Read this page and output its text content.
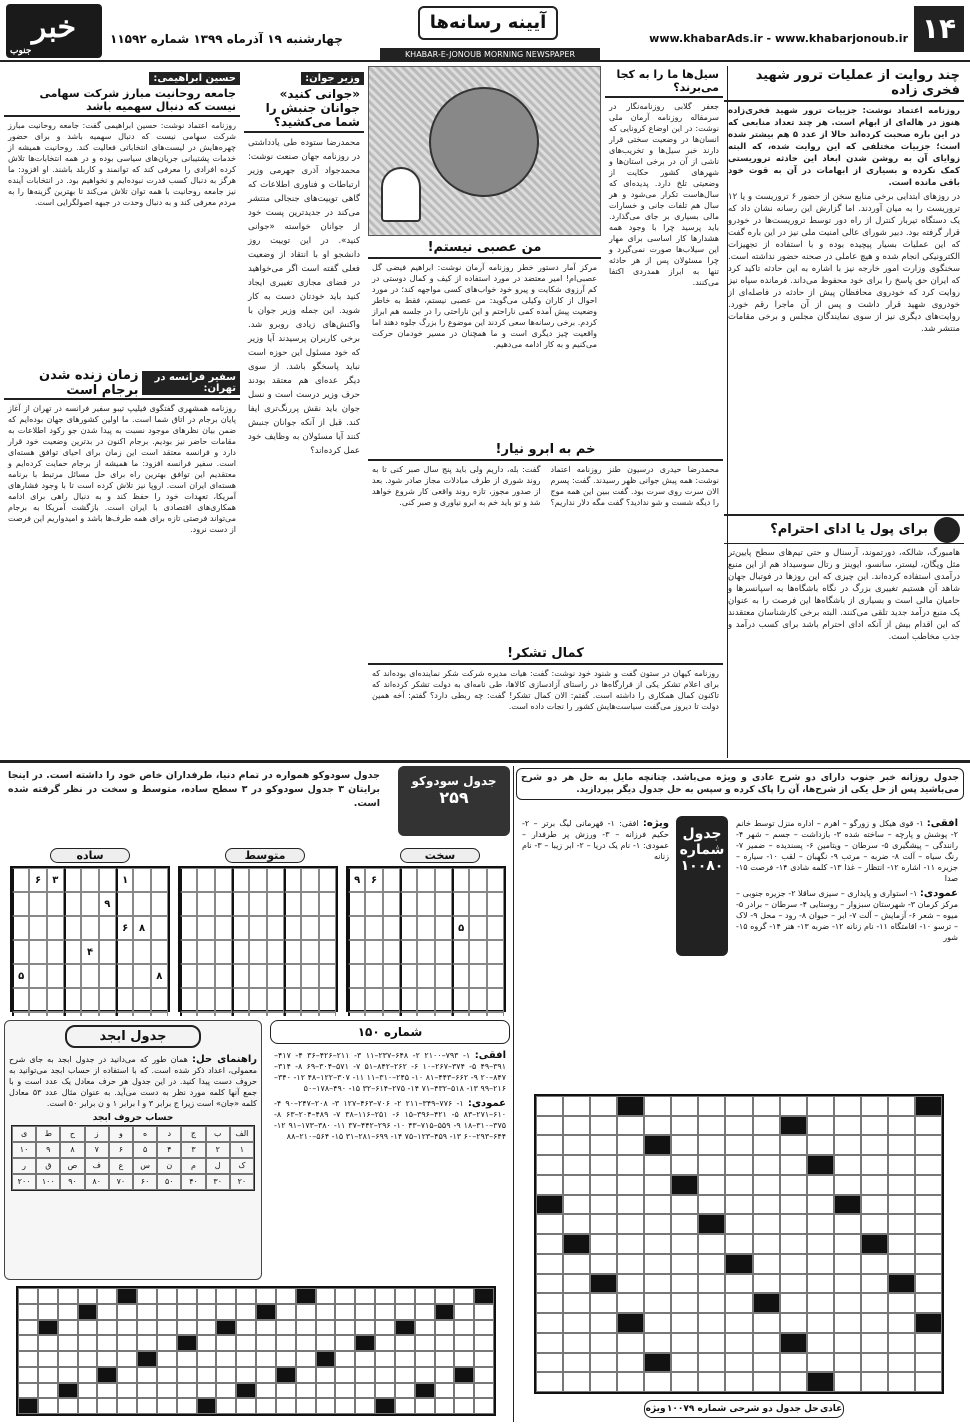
۱۴
www.khabarAds.ir - www.khabarjonoub.ir
آیینه رسانه‌ها
چهارشنبه ۱۹ آذرماه ۱۳۹۹ شماره ۱۱۵۹۲
خبر
جنوب	KHABAR-E-JONOUB MORNING NEWSPAPER
چند روایت از عملیات ترور شهید فخری زاده

روزنامه اعتماد نوشت: جزییات ترور شهید فخری‌زاده هنوز در هاله‌ای از ابهام است. هر چند تعداد منابعی که در این باره صحبت کرده‌اند حالا از عدد ۵ هم بیشتر شده است؛ جزییات مختلفی که این روایت شده، که البته زوایای آن به روشن شدن ابعاد این حادثه تروریستی کمک نکرده و بسیاری از ابهامات در آن به قوت خود باقی مانده است.

در روزهای ابتدایی برخی منابع سخن از حضور ۶ تروریست و یا ۱۲ تروریست را به میان آوردند. اما گزارش این رسانه نشان داد که یک دستگاه تیربار کنترل از راه دور توسط تروریست‌ها در خودرو قرار گرفته بود. دبیر شورای عالی امنیت ملی نیز در این باره گفت که این عملیات بسیار پیچیده بوده و با استفاده از تجهیزات الکترونیکی انجام شده و هیچ عاملی در صحنه حضور نداشته است. سخنگوی وزارت امور خارجه نیز با اشاره به این حادثه تاکید کرد که ایران حق پاسخ را برای خود محفوظ می‌داند. فرمانده سپاه نیز روایت کرد که خودروی محافظان پیش از حادثه در فاصله‌ای از خودروی شهید قرار داشت و پس از آن ماجرا رقم خورد. روایت‌های دیگری نیز از سوی نمایندگان مجلس و برخی مقامات منتشر شد.

برای پول یا ادای احترام؟
هامبورگ، شالکه، دورتموند، آرسنال و حتی تیم‌های سطح پایین‌تر مثل ویگان، لیستر، سانسو، ایوینز و رتال سوسیداد هم از این منبع درآمدی استفاده کرده‌اند. این چیزی که این روزها در فوتبال جهان شاهد آن هستیم تغییری بزرگ در نگاه باشگاه‌ها به اسپانسرها و حامیان مالی است و بسیاری از باشگاه‌ها این فرصت را به عنوان یک منبع درآمد جدید تلقی می‌کنند. البته برخی کارشناسان معتقدند که این اقدام بیش از آنکه ادای احترام باشد برای کسب درآمد و جذب مخاطب است.
سیل‌ها ما را به کجا می‌برند؟
جعفر گلابی روزنامه‌نگار در سرمقاله روزنامه آرمان ملی نوشت: در این اوضاع کرونایی که انسان‌ها در وضعیت سختی قرار دارند خبر سیل‌ها و تخریب‌های ناشی از آن در برخی استان‌ها و شهرهای کشور حکایت از وضعیتی تلخ دارد. پدیده‌ای که سال‌هاست تکرار می‌شود و هر سال هم تلفات جانی و خسارات مالی بسیاری بر جای می‌گذارد. باید پرسید چرا با وجود همه هشدارها کار اساسی برای مهار این سیلاب‌ها صورت نمی‌گیرد و چرا مسئولان پس از هر حادثه تنها به ابراز همدردی اکتفا می‌کنند.
من عصبی نیستم!
مرکز آمار دستور خطر روزنامه آرمان نوشت: ابراهیم فیضی گل عصبی‌ام! امیر معتضد در مورد استفاده از کیف و کمال دوستی در کم آرزوی شکایت و پیرو خود خواب‌های کسی مواجهه کند؛ در مورد احوال از کاران وکیلی می‌گوید: من عصبی نیستم، فقط به خاطر وضعیت پیش آمده کمی ناراحتم و این ناراحتی را در جلسه هم ابراز کردم. برخی رسانه‌ها سعی کردند این موضوع را بزرگ جلوه دهند اما واقعیت چیز دیگری است و ما همچنان در مسیر خودمان حرکت می‌کنیم و به کار ادامه می‌دهیم.
خم به ابرو نیار!
محمدرضا حیدری درسیون طنز روزنامه اعتماد نوشت: همه پیش جوانی ظهر رسیدند. گفت: پسرم الان سرت روی سرت بود. گفت ببین این همه موج را دیگه شست و شو ندادید؟ گفت مگه دلار نداریم؟ گفت: بله، داریم ولی باید پنج سال صبر کنی تا به روند شوری از طرف مبادلات مجاز صادر شود. بعد از صدور مجوز، تازه روند واقعی کار شروع خواهد شد و تو باید خم به ابرو نیاوری و صبر کنی.
کمال تشکر!
روزنامه کیهان در ستون گفت و شنود خود نوشت: گفت: هیات مدیره شرکت شکر نماینده‌ای بوده‌اند که برای اعلام تشکر یکی از قرارگاه‌ها در راستای آزادسازی کالاها، طی نامه‌ای به دولت تشکر کرده‌اند که تاکنون کمال همکاری را داشته است. گفتم: الان کمال تشکر! گفت: چه ربطی دارد؟ گفتم: آخه همین دولت تا دیروز می‌گفت سیاست‌هایش کشور را نجات داده است.
وزیر جوان:
«جوانی کنید» جوانان جنبش را شما می‌کشید؟
محمدرضا ستوده طی یادداشتی در روزنامه جهان صنعت نوشت: محمدجواد آذری جهرمی وزیر ارتباطات و فناوری اطلاعات که گاهی توییت‌های جنجالی منتشر می‌کند در جدیدترین پست خود از جوانان خواسته «جوانی کنید». در این توییت روز دانشجو او با انتقاد از وضعیت فعلی گفته است اگر می‌خواهید در فضای مجازی تغییری ایجاد کنید باید خودتان دست به کار شوید. این جمله وزیر جوان با واکنش‌های زیادی روبرو شد. برخی کاربران پرسیدند آیا وزیر که خود مسئول این حوزه است نباید پاسخگو باشد. از سوی دیگر عده‌ای هم معتقد بودند حرف وزیر درست است و نسل جوان باید نقش پررنگ‌تری ایفا کند. قبل از آنکه جوانان جنبش کنند آیا مسئولان به وظایف خود عمل کرده‌اند؟
حسین ابراهیمی:
جامعه روحانیت مبارز شرکت سهامی نیست که دنبال سهمیه باشد
روزنامه اعتماد نوشت: حسین ابراهیمی گفت: جامعه روحانیت مبارز شرکت سهامی نیست که دنبال سهمیه باشد و برای حضور چهره‌هایش در لیست‌های انتخاباتی فعالیت کند. روحانیت همیشه از خدمات پشتیبانی جریان‌های سیاسی بوده و در همه انتخابات‌ها تلاش کرده افرادی را معرفی کند که توانمند و کاربلد باشند. او افزود: ما هرگز به دنبال کسب قدرت نبوده‌ایم و نخواهیم بود. در انتخابات آینده نیز جامعه روحانیت با همه توان تلاش می‌کند تا بهترین گزینه‌ها را به مردم معرفی کند و به دنبال وحدت در جبهه اصولگرایی است.
سفیر فرانسه در تهران:
زمان زنده شدن برجام است
روزنامه همشهری گفتگوی فیلیپ تیبو سفیر فرانسه در تهران از آغاز پایان برجام در اتاق شما است. ما اولین کشورهای جهان بوده‌ایم که ضمن بیان نظرهای موجود نسبت به پیدا شدن جو رکود اطلاعات به مقامات حاضر نیز بودیم. برجام اکنون در بدترین وضعیت خود قرار دارد و فرانسه معتقد است این زمان برای احیای توافق هسته‌ای است. سفیر فرانسه افزود: ما همیشه از برجام حمایت کرده‌ایم و معتقدیم این توافق بهترین راه برای حل مسائل مرتبط با برنامه هسته‌ای ایران است. اروپا نیز تلاش کرده است تا با وجود فشارهای آمریکا، تعهدات خود را حفظ کند و به دنبال راهی برای ادامه همکاری‌های اقتصادی با ایران است. بازگشت آمریکا به برجام می‌تواند فرصتی تازه برای همه طرف‌ها باشد و امیدواریم این فرصت از دست نرود.
جدول روزانه خبر جنوب دارای دو شرح عادی و ویژه می‌باشد. چنانچه مایل به حل هر دو شرح می‌باشید پس از حل یکی از شرح‌ها، آن را پاک کرده و سپس به حل جدول دیگر بپردازید.
افقی: ۱- قوی هیکل و زورگو – اهرم – اداره منزل توسط خانم ۲- پوشش و پارچه – ساخته شده ۳- بازداشت – جسم – شهر ۴- رانندگی – پیشگیری ۵- سرطان – ویتامین ۶- پسندیده – ضمیر ۷- رنگ سیاه – آلت ۸- ضربه – مرتب ۹- نگهبان – لقب ۱۰- سیاره – جزیره ۱۱- اشاره ۱۲- انتظار – غذا ۱۳- کلمه شادی ۱۴- فرصت ۱۵- صدا
عمودی: ۱- استواری و پایداری – سیزی ساقلا ۲- جزیره جنوبی – مرکز کرمان ۳- شهرستان سبزوار – روستایی ۴- سرطان – برادر ۵- میوه – شعر ۶- آزمایش – آلت ۷- ابر – حیوان ۸- رود – محل ۹- لاک – ترسو ۱۰- اقامتگاه ۱۱- نام زنانه ۱۲- ضربه ۱۳- هنر ۱۴- گروه ۱۵- شور
جدول شماره ۱۰۰۸۰
ویژه: افقی: ۱- قهرمانی لیگ برتر – ۲- حکیم فرزانه – ۳- ورزش پر طرفدار – عمودی: ۱- نام یک دریا – ۲- ابر زیبا – ۳- نام زنانه
عادی
حل جدول دو شرحی شماره ۱۰۰۷۹
ویژه
جدول سودوکو
۲۵۹
جدول سودوکو همواره در تمام دنیا، طرفداران خاص خود را داشته است. در اینجا برایتان ۳ جدول سودوکو در ۳ سطح ساده، متوسط و سخت در نظر گرفته شده است.
سخت
متوسط
ساده
۶
۹
۵
۱
۳
۶
۹
۸
۶
۴
۸
۵
شماره ۱۵۰
افقی: ۱- ۷۹۳–۲۱۰۰ ۲- ۶۴۸–۲۳۷–۱۱ ۳- ۲۱۱–۴۲۶–۳۶ ۴- ۴۱۷–۳۹۱–۴۹ ۵- ۳۷۴–۲۶۷–۱۰ ۶- ۲۶۲–۸۴۲–۵۱ ۷- ۵۷۱–۳۰۴–۶۹ ۸- ۳۱۴–۸۴۷–۲۰ ۹- ۶۶۲–۴۴۳–۸۱ ۱۰- ۲۴۵–۳۱۰–۱۱ ۱۱- ۳۰۷–۱۲۲–۴۸ ۱۲- ۳۴۰–۲۱۶–۹۹ ۱۳- ۵۱۸–۴۳۲–۷۱ ۱۴- ۲۷۵–۶۱۴–۳۲ ۱۵- ۴۹۰–۱۷۸–۵۰
عمودی: ۱- ۷۷۶–۳۴۹–۲۱۱ ۲- ۷۰۶–۴۶۳–۱۲۷ ۳- ۲۰۸–۲۴۷–۹۰ ۴- ۶۱۰–۲۷۱–۸۳ ۵- ۴۲۱–۳۹۶–۱۵ ۶- ۲۵۱–۱۱۶–۳۸ ۷- ۴۸۹–۲۰۴–۶۳ ۸- ۳۷۵–۳۱۰–۱۸ ۹- ۵۵۹–۷۱۵–۴۳ ۱۰- ۲۹۶–۴۴۲–۳۷ ۱۱- ۳۸۰–۱۷۳–۹۱ ۱۲- ۶۴۴–۲۹۳–۶۰ ۱۳- ۴۵۹–۱۲۳–۷۵ ۱۴- ۶۹۹–۲۸۱–۳۱ ۱۵- ۵۶۴–۲۱۰–۸۸
جدول ابجد
راهنمای حل: همان طور که می‌دانید در جدول ابجد به جای شرح معمولی، اعداد ذکر شده است. که با استفاده از حساب ابجد می‌توانید به حروف دست پیدا کنید. در این جدول هر حرف معادل یک عدد است و با جمع آنها کلمه مورد نظر به دست می‌آید. به عنوان مثال عدد ۵۳ معادل کلمه «جان» است زیرا ج برابر ۳ و ا برابر ۱ و ن برابر ۵۰ است.
حساب حروف ابجد
الف
ب
ج
د
ه
و
ز
ح
ط
ی
۱
۲
۳
۴
۵
۶
۷
۸
۹
۱۰
ک
ل
م
ن
س
ع
ف
ص
ق
ر
۲۰
۳۰
۴۰
۵۰
۶۰
۷۰
۸۰
۹۰
۱۰۰
۲۰۰
